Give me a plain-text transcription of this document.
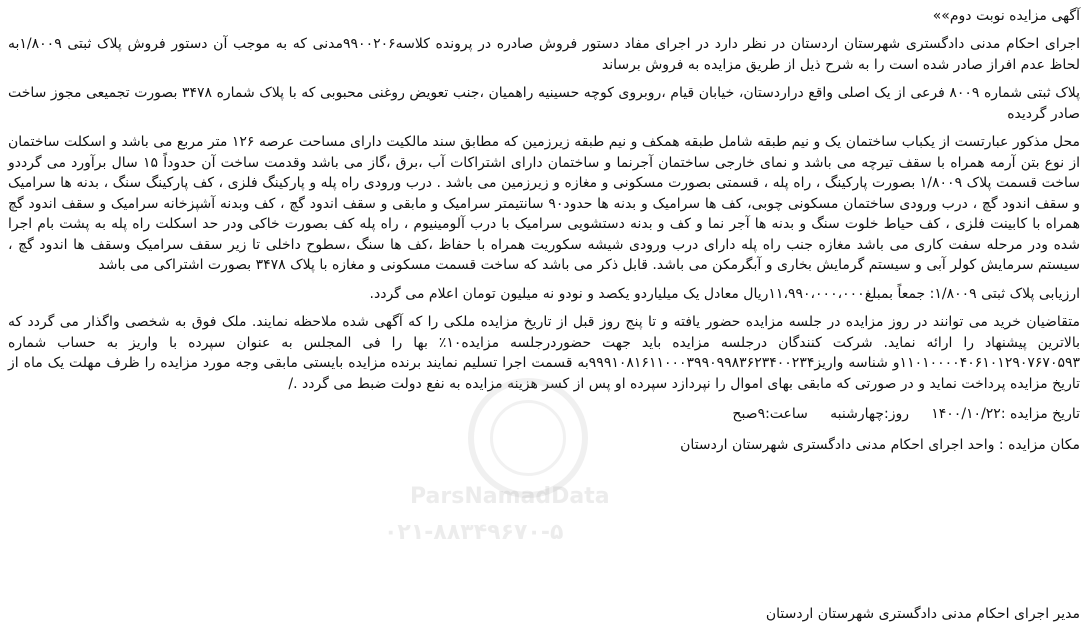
آگهی مزایده نوبت دوم»»

اجرای احکام مدنی دادگستری شهرستان اردستان در نظر دارد در اجرای مفاد دستور فروش صادره در پرونده کلاسه۹۹۰۰۲۰۶مدنی که به موجب آن دستور فروش پلاک ثبتی ۱/۸۰۰۹به لحاظ عدم افراز صادر شده است را به شرح ذیل از طریق مزایده به فروش برساند

پلاک ثبتی شماره ۸۰۰۹ فرعی از یک اصلی واقع دراردستان، خیابان قیام ،روبروی کوچه حسینیه راهمیان ،جنب تعویض روغنی محبوبی که با پلاک شماره ۳۴۷۸ بصورت تجمیعی مجوز ساخت صادر گردیده

محل مذکور عبارتست از یکباب ساختمان یک و نیم طبقه شامل طبقه همکف و نیم طبقه زیرزمین که مطابق سند مالکیت دارای مساحت عرصه ۱۲۶ متر مربع می باشد و اسکلت ساختمان از نوع بتن آرمه همراه با سقف تیرچه می باشد و نمای خارجی ساختمان آجرنما و ساختمان دارای اشتراکات آب ،برق ،گاز می باشد وقدمت ساخت آن حدوداً ۱۵ سال برآورد می گرددو ساخت قسمت پلاک ۱/۸۰۰۹ بصورت پارکینگ ، راه پله ، قسمتی بصورت مسکونی و مغازه و زیرزمین می باشد . درب ورودی راه پله و پارکینگ فلزی ، کف پارکینگ سنگ ، بدنه ها سرامیک و سقف اندود گچ ، درب ورودی ساختمان مسکونی چوبی، کف ها سرامیک و بدنه ها حدود۹۰ سانتیمتر سرامیک و مابقی و سقف اندود گچ ، کف وبدنه آشپزخانه سرامیک و سقف اندود گچ همراه با کابینت فلزی ، کف حیاط خلوت سنگ و بدنه ها آجر نما و کف و بدنه دستشویی سرامیک با درب آلومینیوم ، راه پله کف بصورت خاکی ودر حد اسکلت راه پله به پشت بام اجرا شده ودر مرحله سفت کاری می باشد مغازه جنب راه پله دارای درب ورودی شیشه سکوریت همراه با حفاظ ،کف ها سنگ ،سطوح داخلی تا زیر سقف سرامیک وسقف ها اندود گچ ، سیستم سرمایش کولر آبی و سیستم گرمایش بخاری و آبگرمکن می باشد. قابل ذکر می باشد که ساخت قسمت مسکونی و مغازه با پلاک ۳۴۷۸ بصورت اشتراکی می باشد

ارزیابی پلاک ثبتی ۱/۸۰۰۹: جمعاً بمبلغ۱۱،۹۹۰،۰۰۰،۰۰۰ریال معادل یک میلیاردو یکصد و نودو نه میلیون تومان اعلام می گردد.

متقاضیان خرید می توانند در روز مزایده در جلسه مزایده حضور یافته و تا پنج روز قبل از تاریخ مزایده ملکی را که آگهی شده ملاحظه نمایند. ملک فوق به شخصی واگذار می گردد که بالاترین پیشنهاد را ارائه نماید. شرکت کنندگان درجلسه مزایده باید جهت حضوردرجلسه مزایده۱۰٪ بها را فی المجلس به عنوان سپرده با واریز به حساب شماره ۱۱۰۱۰۰۰۰۴۰۶۱۰۱۲۹۰۷۶۷۰۵۹۳و شناسه واریز۹۹۹۱۰۸۱۶۱۱۰۰۰۳۹۹۰۹۹۸۳۶۲۳۴۰۰۲۳۴به قسمت اجرا تسلیم نمایند برنده مزایده بایستی مابقی وجه مورد مزایده را ظرف مهلت یک ماه از تاریخ مزایده پرداخت نماید و در صورتی که مابقی بهای اموال را نپردازد سپرده او پس از کسر هزینه مزایده به نفع دولت ضبط می گردد ./

تاریخ مزایده :۱۴۰۰/۱۰/۲۲     روز:چهارشنبه     ساعت:۹صبح

مکان مزایده : واحد اجرای احکام مدنی دادگستری شهرستان اردستان

مدیر اجرای احکام مدنی دادگستری شهرستان اردستان

ParsNamadData
۰۲۱-۸۸۳۴۹۶۷۰-۵
